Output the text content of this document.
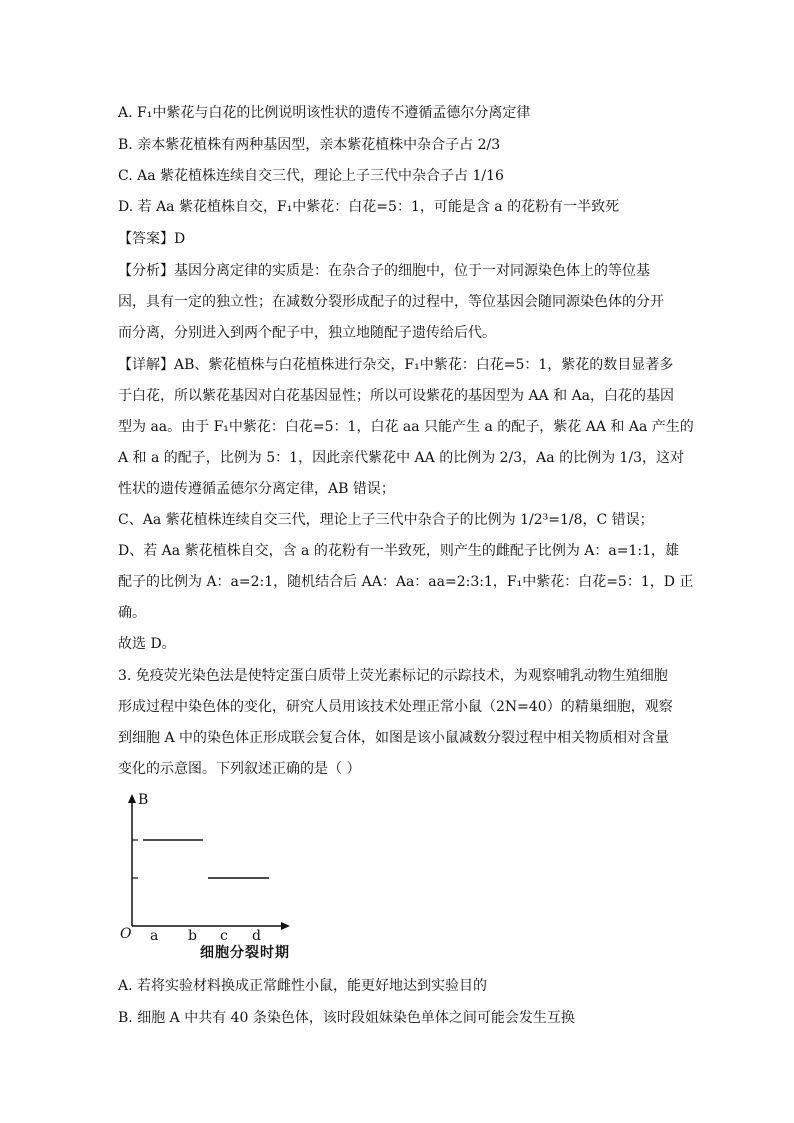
A. F₁中紫花与白花的比例说明该性状的遗传不遵循孟德尔分离定律
B. 亲本紫花植株有两种基因型，亲本紫花植株中杂合子占 2/3
C. Aa 紫花植株连续自交三代，理论上子三代中杂合子占 1/16
D. 若 Aa 紫花植株自交，F₁中紫花：白花=5：1，可能是含 a 的花粉有一半致死
【答案】D
【分析】基因分离定律的实质是：在杂合子的细胞中，位于一对同源染色体上的等位基
因，具有一定的独立性；在减数分裂形成配子的过程中，等位基因会随同源染色体的分开
而分离，分别进入到两个配子中，独立地随配子遗传给后代。
【详解】AB、紫花植株与白花植株进行杂交，F₁中紫花：白花=5：1，紫花的数目显著多
于白花，所以紫花基因对白花基因显性；所以可设紫花的基因型为 AA 和 Aa，白花的基因
型为 aa。由于 F₁中紫花：白花=5：1，白花 aa 只能产生 a 的配子，紫花 AA 和 Aa 产生的
A 和 a 的配子，比例为 5：1，因此亲代紫花中 AA 的比例为 2/3，Aa 的比例为 1/3，这对
性状的遗传遵循孟德尔分离定律，AB 错误；
C、Aa 紫花植株连续自交三代，理论上子三代中杂合子的比例为 1/2³=1/8，C 错误；
D、若 Aa 紫花植株自交，含 a 的花粉有一半致死，则产生的雌配子比例为 A：a=1:1，雄
配子的比例为 A：a=2:1，随机结合后 AA：Aa：aa=2:3:1，F₁中紫花：白花=5：1，D 正
确。
故选 D。
3. 免疫荧光染色法是使特定蛋白质带上荧光素标记的示踪技术，为观察哺乳动物生殖细胞
形成过程中染色体的变化，研究人员用该技术处理正常小鼠（2N=40）的精巢细胞，观察
到细胞 A 中的染色体正形成联会复合体，如图是该小鼠减数分裂过程中相关物质相对含量
变化的示意图。下列叙述正确的是（ ）
B
O a b c d
细胞分裂时期
A. 若将实验材料换成正常雌性小鼠，能更好地达到实验目的
B. 细胞 A 中共有 40 条染色体，该时段姐妹染色单体之间可能会发生互换
